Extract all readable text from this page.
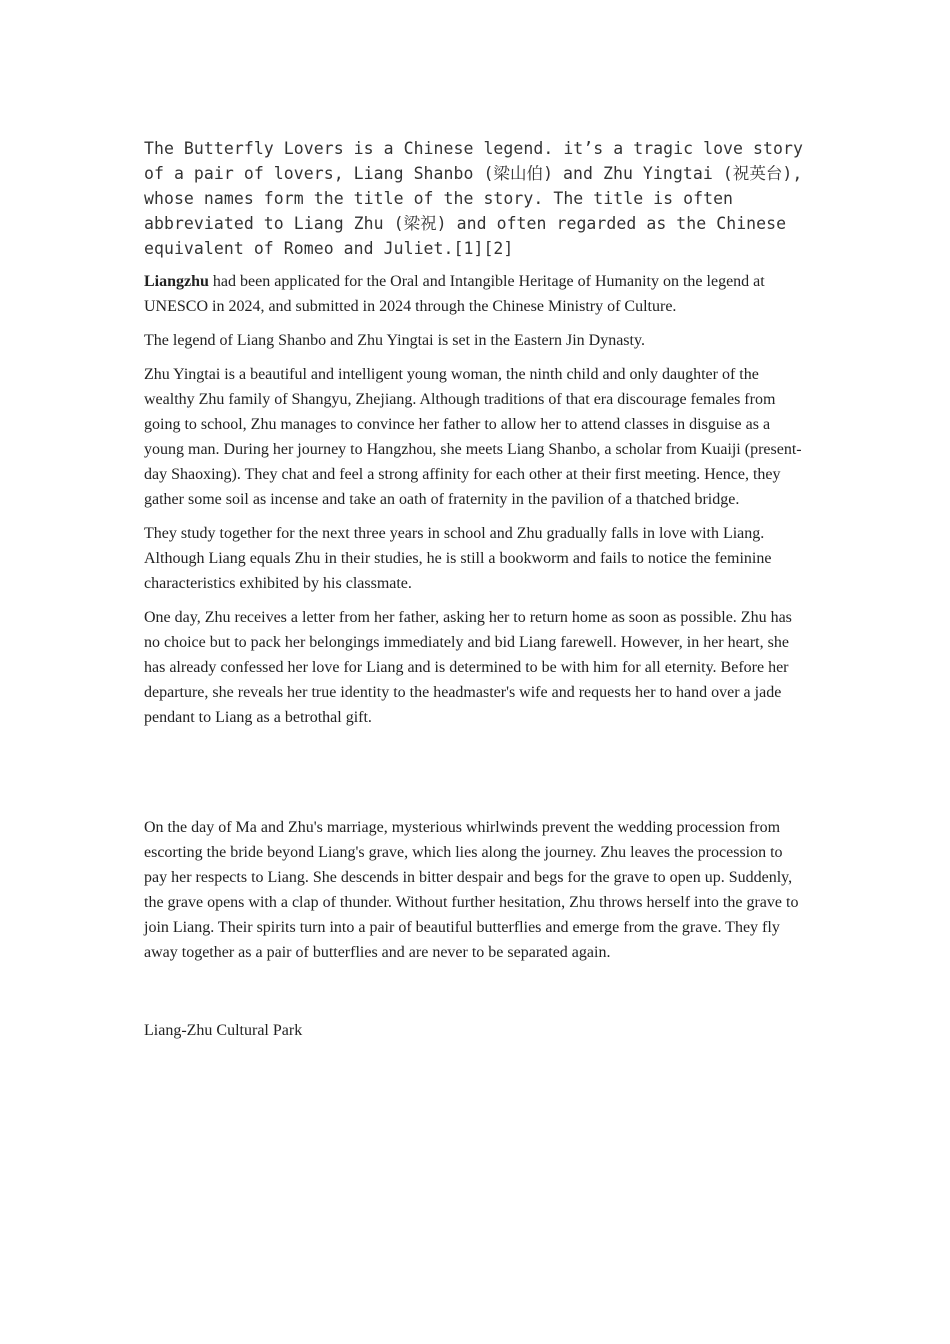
The Butterfly Lovers is a Chinese legend. it’s a tragic love story of a pair of lovers, Liang Shanbo (梁山伯) and Zhu Yingtai (祝英台), whose names form the title of the story. The title is often abbreviated to Liang Zhu (梁祝) and often regarded as the Chinese equivalent of Romeo and Juliet.[1][2]

Liangzhu had been applicated for the Oral and Intangible Heritage of Humanity on the legend at UNESCO in 2024, and submitted in 2024 through the Chinese Ministry of Culture.

The legend of Liang Shanbo and Zhu Yingtai is set in the Eastern Jin Dynasty.

Zhu Yingtai is a beautiful and intelligent young woman, the ninth child and only daughter of the wealthy Zhu family of Shangyu, Zhejiang. Although traditions of that era discourage females from going to school, Zhu manages to convince her father to allow her to attend classes in disguise as a young man. During her journey to Hangzhou, she meets Liang Shanbo, a scholar from Kuaiji (present-day Shaoxing). They chat and feel a strong affinity for each other at their first meeting. Hence, they gather some soil as incense and take an oath of fraternity in the pavilion of a thatched bridge.

They study together for the next three years in school and Zhu gradually falls in love with Liang. Although Liang equals Zhu in their studies, he is still a bookworm and fails to notice the feminine characteristics exhibited by his classmate.

One day, Zhu receives a letter from her father, asking her to return home as soon as possible. Zhu has no choice but to pack her belongings immediately and bid Liang farewell. However, in her heart, she has already confessed her love for Liang and is determined to be with him for all eternity. Before her departure, she reveals her true identity to the headmaster's wife and requests her to hand over a jade pendant to Liang as a betrothal gift.

On the day of Ma and Zhu's marriage, mysterious whirlwinds prevent the wedding procession from escorting the bride beyond Liang's grave, which lies along the journey. Zhu leaves the procession to pay her respects to Liang. She descends in bitter despair and begs for the grave to open up. Suddenly, the grave opens with a clap of thunder. Without further hesitation, Zhu throws herself into the grave to join Liang. Their spirits turn into a pair of beautiful butterflies and emerge from the grave. They fly away together as a pair of butterflies and are never to be separated again.

Liang-Zhu Cultural Park
